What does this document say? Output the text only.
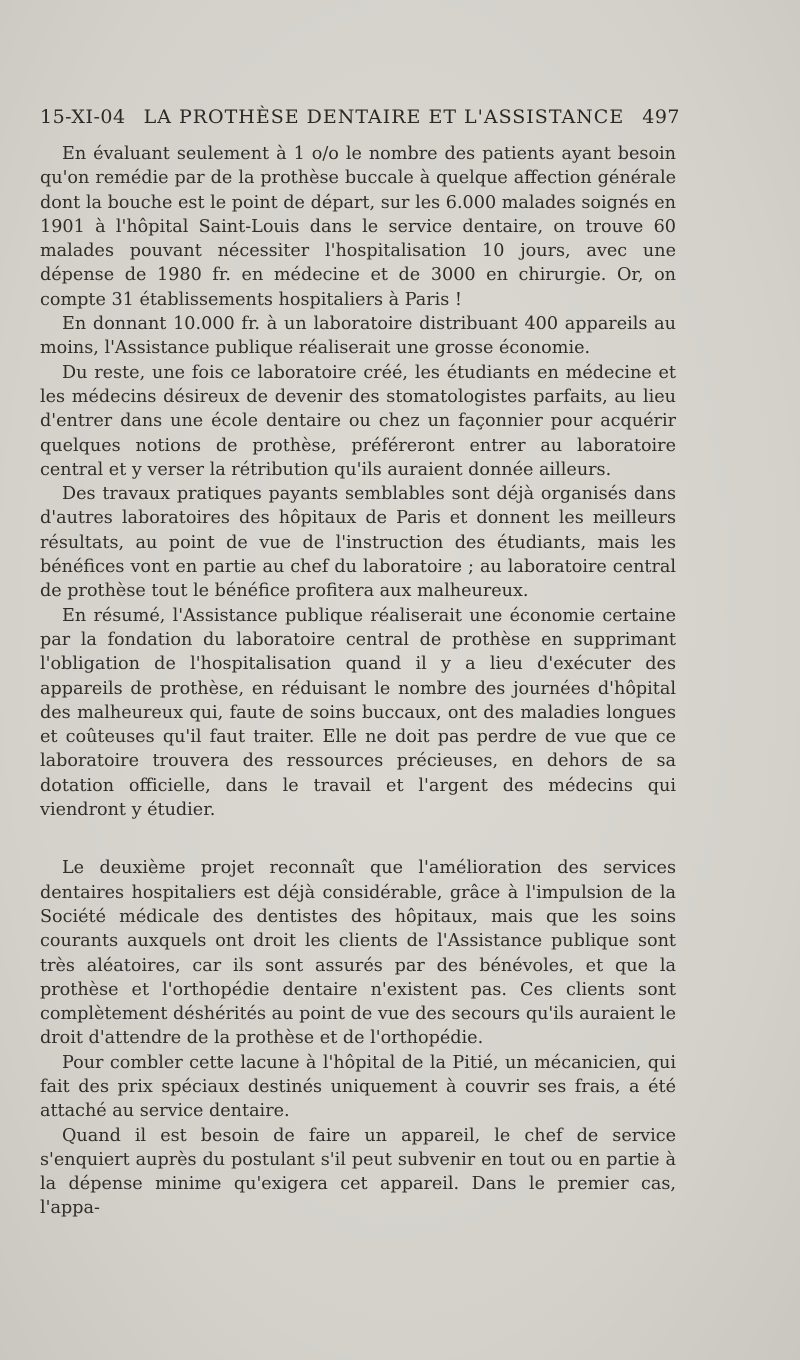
15-XI-04 LA PROTHÈSE DENTAIRE ET L'ASSISTANCE 497

En évaluant seulement à 1 o/o le nombre des patients ayant besoin qu'on remédie par de la prothèse buccale à quelque affection générale dont la bouche est le point de départ, sur les 6.000 malades soignés en 1901 à l'hôpital Saint-Louis dans le service dentaire, on trouve 60 malades pouvant nécessiter l'hospitalisation 10 jours, avec une dépense de 1980 fr. en médecine et de 3000 en chirurgie. Or, on compte 31 établissements hospitaliers à Paris !

En donnant 10.000 fr. à un laboratoire distribuant 400 appareils au moins, l'Assistance publique réaliserait une grosse économie.

Du reste, une fois ce laboratoire créé, les étudiants en médecine et les médecins désireux de devenir des stomatologistes parfaits, au lieu d'entrer dans une école dentaire ou chez un façonnier pour acquérir quelques notions de prothèse, préféreront entrer au laboratoire central et y verser la rétribution qu'ils auraient donnée ailleurs.

Des travaux pratiques payants semblables sont déjà organisés dans d'autres laboratoires des hôpitaux de Paris et donnent les meilleurs résultats, au point de vue de l'instruction des étudiants, mais les bénéfices vont en partie au chef du laboratoire ; au laboratoire central de prothèse tout le bénéfice profitera aux malheureux.

En résumé, l'Assistance publique réaliserait une économie certaine par la fondation du laboratoire central de prothèse en supprimant l'obligation de l'hospitalisation quand il y a lieu d'exécuter des appareils de prothèse, en réduisant le nombre des journées d'hôpital des malheureux qui, faute de soins buccaux, ont des maladies longues et coûteuses qu'il faut traiter. Elle ne doit pas perdre de vue que ce laboratoire trouvera des ressources précieuses, en dehors de sa dotation officielle, dans le travail et l'argent des médecins qui viendront y étudier.

Le deuxième projet reconnaît que l'amélioration des services dentaires hospitaliers est déjà considérable, grâce à l'impulsion de la Société médicale des dentistes des hôpitaux, mais que les soins courants auxquels ont droit les clients de l'Assistance publique sont très aléatoires, car ils sont assurés par des bénévoles, et que la prothèse et l'orthopédie dentaire n'existent pas. Ces clients sont complètement déshérités au point de vue des secours qu'ils auraient le droit d'attendre de la prothèse et de l'orthopédie.

Pour combler cette lacune à l'hôpital de la Pitié, un mécanicien, qui fait des prix spéciaux destinés uniquement à couvrir ses frais, a été attaché au service dentaire.

Quand il est besoin de faire un appareil, le chef de service s'enquiert auprès du postulant s'il peut subvenir en tout ou en partie à la dépense minime qu'exigera cet appareil. Dans le premier cas, l'appa-
